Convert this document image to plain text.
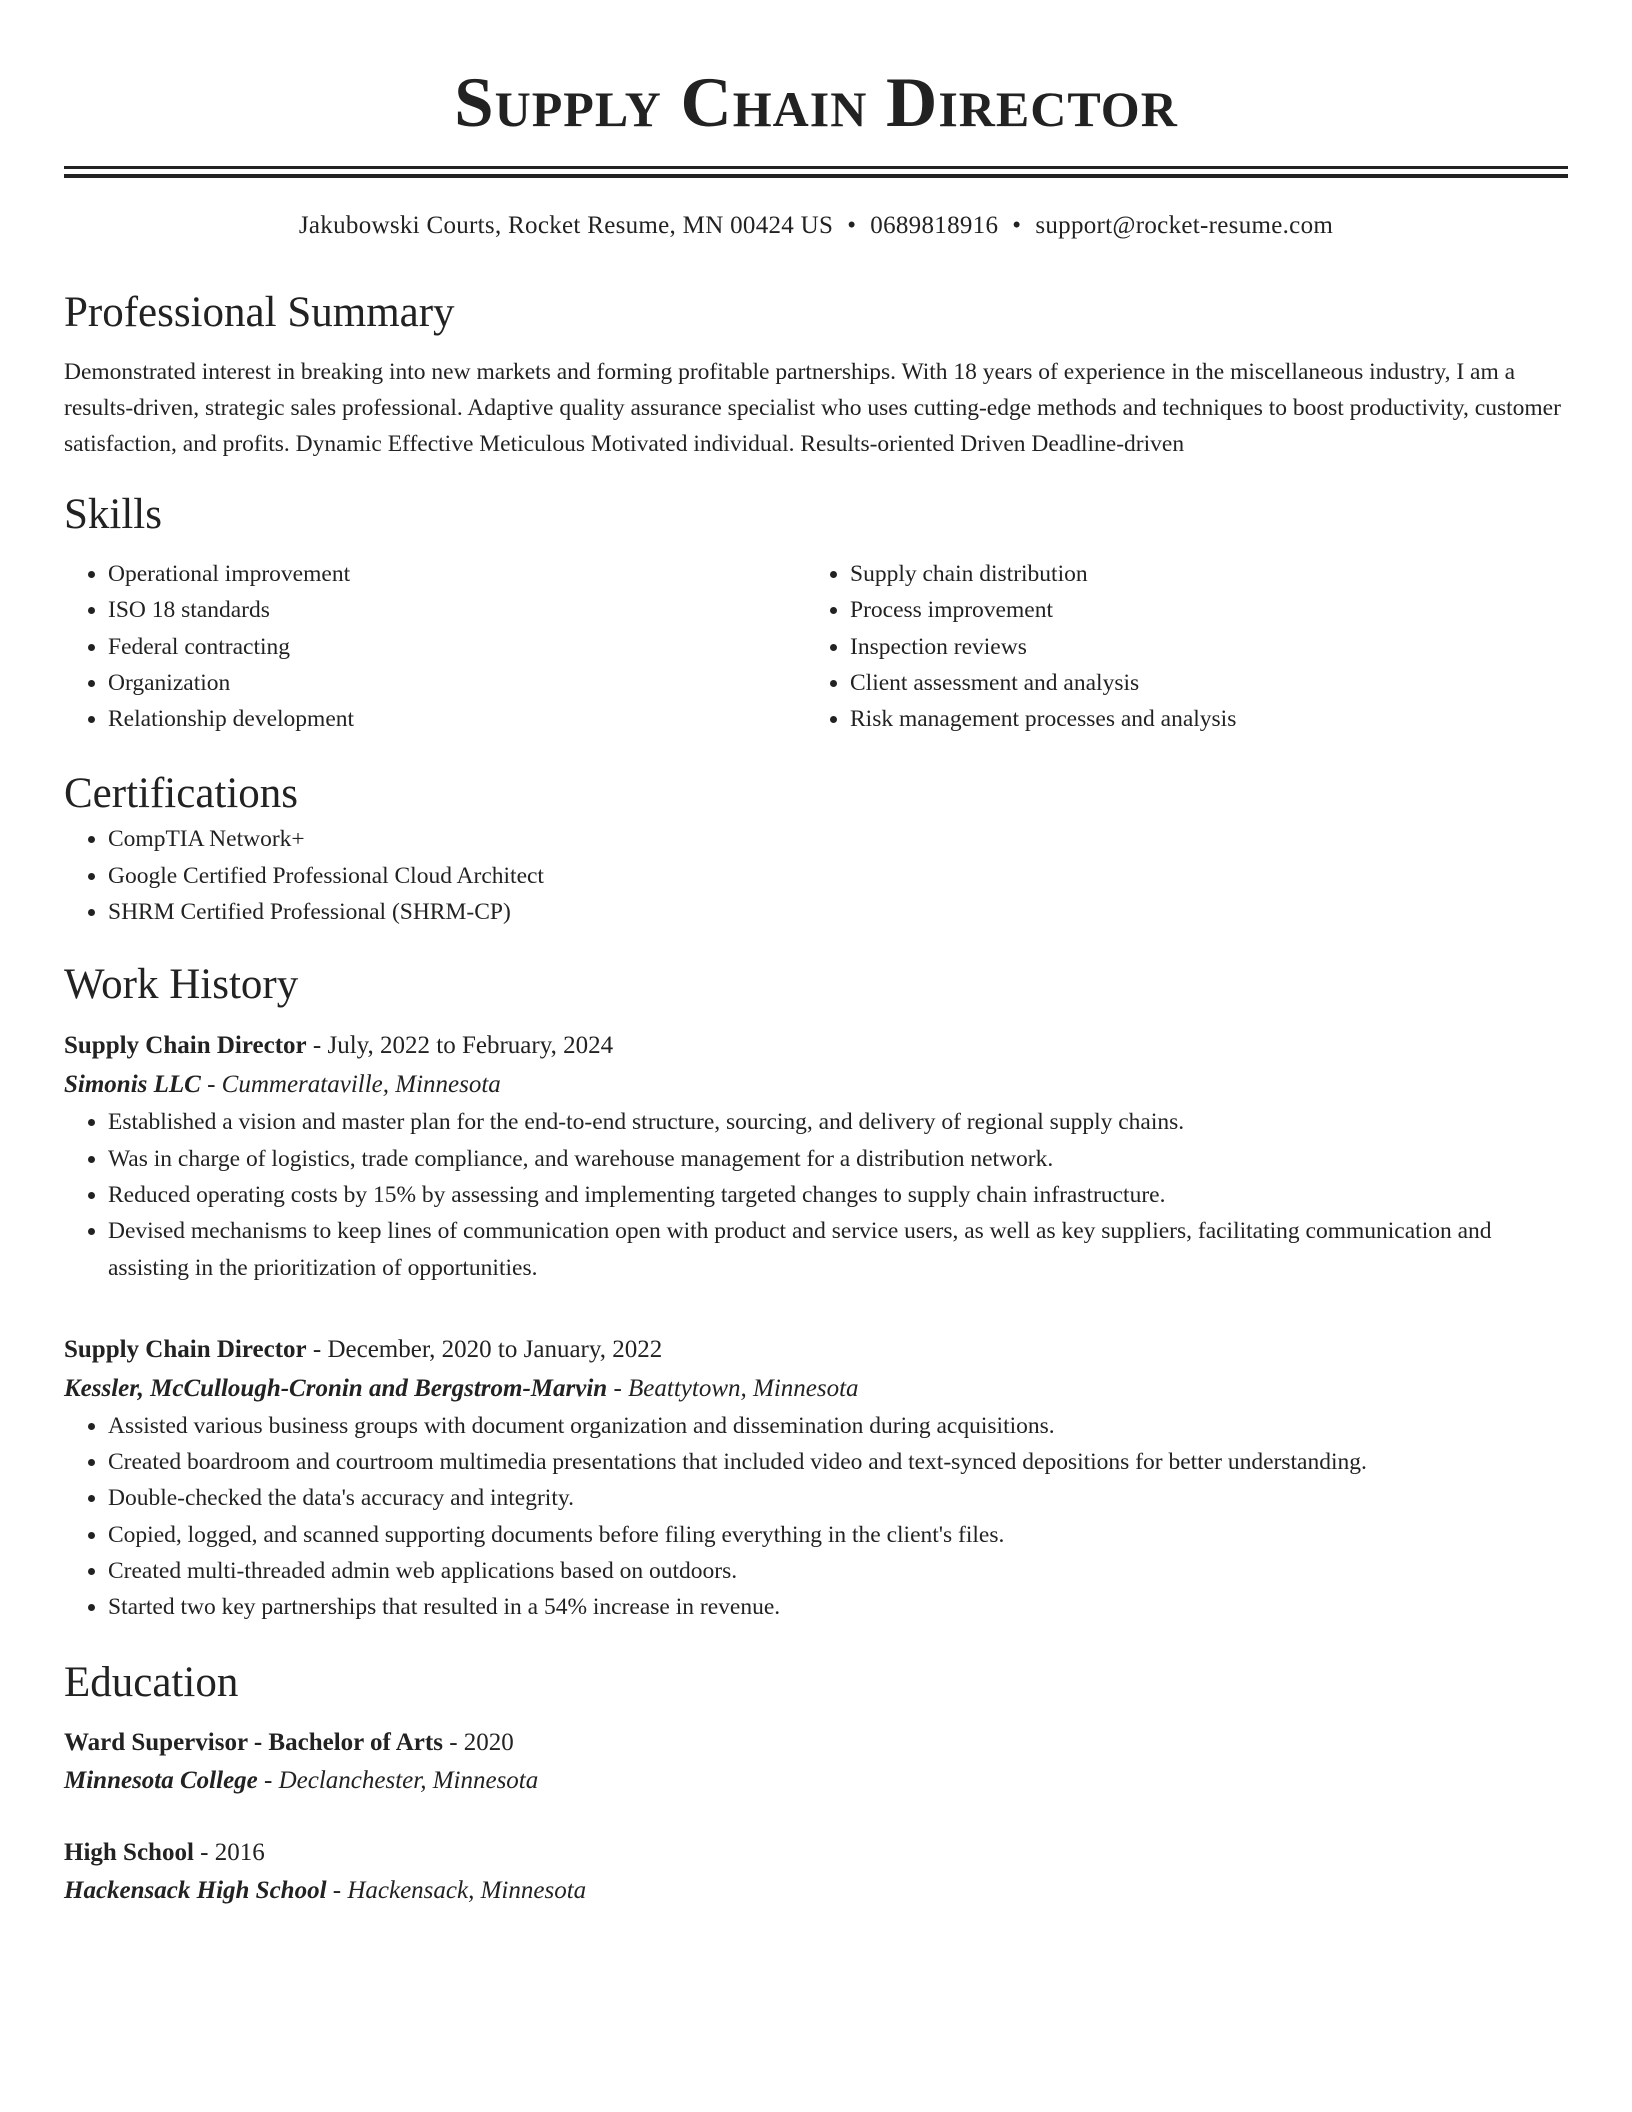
Supply Chain Director
Jakubowski Courts, Rocket Resume, MN 00424 US • 0689818916 • support@rocket-resume.com
Professional Summary

Demonstrated interest in breaking into new markets and forming profitable partnerships. With 18 years of experience in the miscellaneous industry, I am a results-driven, strategic sales professional. Adaptive quality assurance specialist who uses cutting-edge methods and techniques to boost productivity, customer satisfaction, and profits. Dynamic Effective Meticulous Motivated individual. Results-oriented Driven Deadline-driven

Skills
• Operational improvement
• ISO 18 standards
• Federal contracting
• Organization
• Relationship development
• Supply chain distribution
• Process improvement
• Inspection reviews
• Client assessment and analysis
• Risk management processes and analysis
Certifications
• CompTIA Network+
• Google Certified Professional Cloud Architect
• SHRM Certified Professional (SHRM-CP)
Work History
Supply Chain Director - July, 2022 to February, 2024
Simonis LLC - Cummerataville, Minnesota
• Established a vision and master plan for the end-to-end structure, sourcing, and delivery of regional supply chains.
• Was in charge of logistics, trade compliance, and warehouse management for a distribution network.
• Reduced operating costs by 15% by assessing and implementing targeted changes to supply chain infrastructure.
• Devised mechanisms to keep lines of communication open with product and service users, as well as key suppliers, facilitating communication and assisting in the prioritization of opportunities.
Supply Chain Director - December, 2020 to January, 2022
Kessler, McCullough-Cronin and Bergstrom-Marvin - Beattytown, Minnesota
• Assisted various business groups with document organization and dissemination during acquisitions.
• Created boardroom and courtroom multimedia presentations that included video and text-synced depositions for better understanding.
• Double-checked the data's accuracy and integrity.
• Copied, logged, and scanned supporting documents before filing everything in the client's files.
• Created multi-threaded admin web applications based on outdoors.
• Started two key partnerships that resulted in a 54% increase in revenue.
Education
Ward Supervisor - Bachelor of Arts - 2020
Minnesota College - Declanchester, Minnesota
High School - 2016
Hackensack High School - Hackensack, Minnesota
